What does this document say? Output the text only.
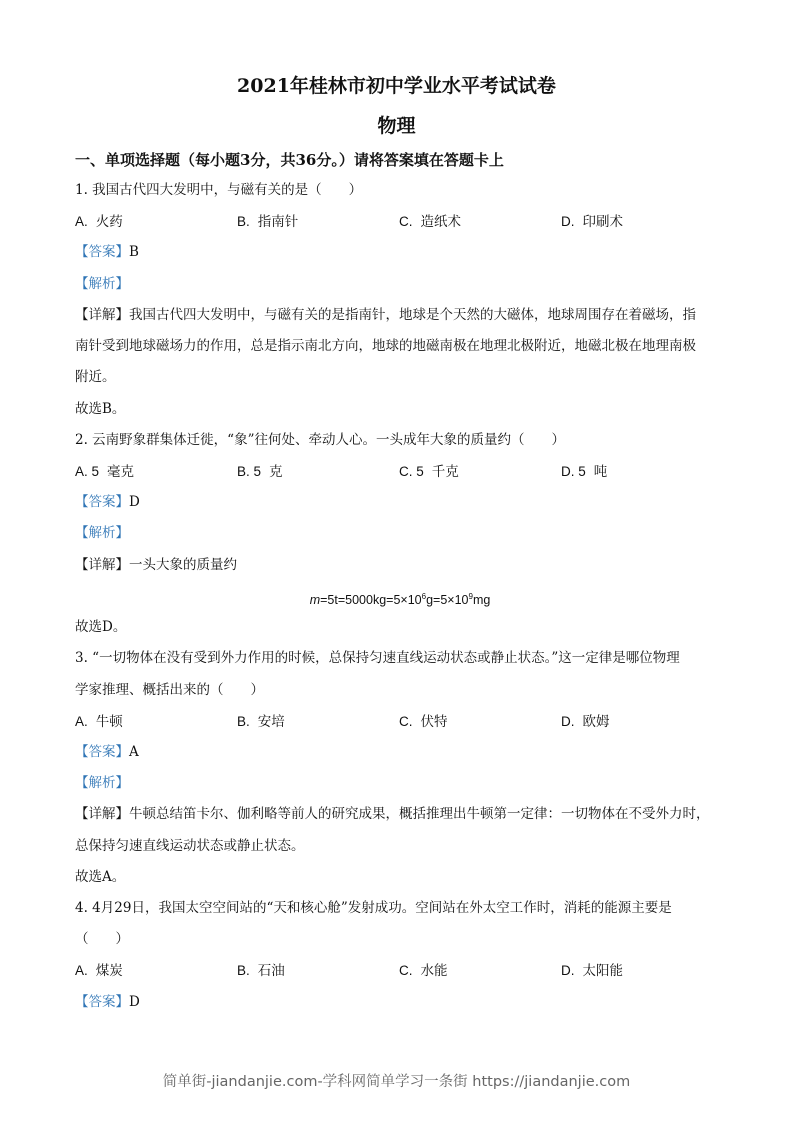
2021年桂林市初中学业水平考试试卷
物理
一、单项选择题（每小题3分，共36分。）请将答案填在答题卡上
1. 我国古代四大发明中，与磁有关的是（　　）
A. 火药	B. 指南针	C. 造纸术	D. 印刷术
【答案】B
【解析】
【详解】我国古代四大发明中，与磁有关的是指南针，地球是个天然的大磁体，地球周围存在着磁场，指
南针受到地球磁场力的作用，总是指示南北方向，地球的地磁南极在地理北极附近，地磁北极在地理南极
附近。
故选B。
2. 云南野象群集体迁徙，“象”往何处、牵动人心。一头成年大象的质量约（　　）
A. 5 毫克	B. 5 克	C. 5 千克	D. 5 吨
【答案】D
【解析】
【详解】一头大象的质量约
$m=5t=5000kg=5\times 10^6g=5\times 10^9mg$
故选D。
3. “一切物体在没有受到外力作用的时候，总保持匀速直线运动状态或静止状态。”这一定律是哪位物理
学家推理、概括出来的（　　）
A. 牛顿	B. 安培	C. 伏特	D. 欧姆
【答案】A
【解析】
【详解】牛顿总结笛卡尔、伽利略等前人的研究成果，概括推理出牛顿第一定律：一切物体在不受外力时，
总保持匀速直线运动状态或静止状态。
故选A。
4. 4月29日，我国太空空间站的“天和核心舱”发射成功。空间站在外太空工作时，消耗的能源主要是
（　　）
A. 煤炭	B. 石油	C. 水能	D. 太阳能
【答案】D
简单街-jiandanjie.com-学科网简单学习一条街 https://jiandanjie.com
